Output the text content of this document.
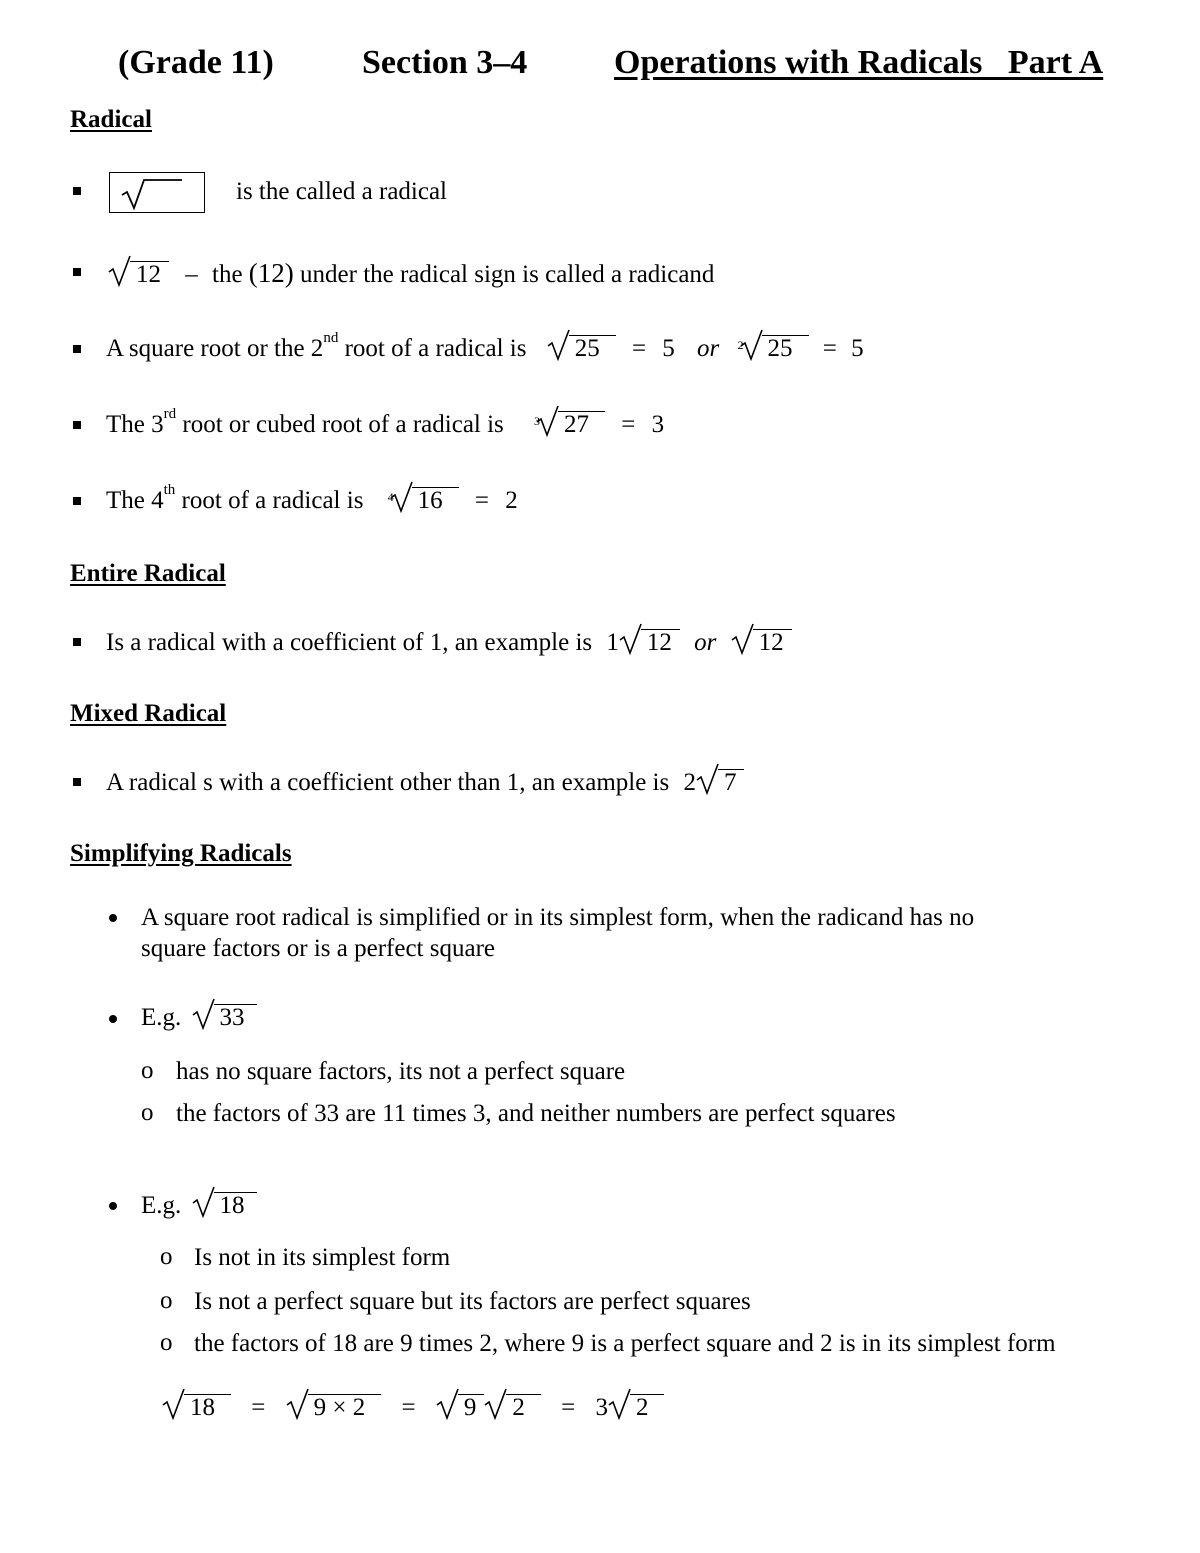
(Grade 11)	Section 3–4	Operations with Radicals   Part A
Radical
is the called a radical
12 – the (12) under the radical sign is called a radicand
A square root or the 2nd root of a radical is 25 = 5 or 2 25 = 5
The 3rd root or cubed root of a radical is	3 27 = 3
The 4th root of a radical is 4 16 = 2
Entire Radical
Is a radical with a coefficient of 1, an example is 1 12 or 12
Mixed Radical
A radical s with a coefficient other than 1, an example is 2 7
Simplifying Radicals
A square root radical is simplified or in its simplest form, when the radicand has no
square factors or is a perfect square
E.g. 33
o has no square factors, its not a perfect square
o the factors of 33 are 11 times 3, and neither numbers are perfect squares
E.g. 18
o Is not in its simplest form
o Is not a perfect square but its factors are perfect squares
o the factors of 18 are 9 times 2, where 9 is a perfect square and 2 is in its simplest form
18 = 9 × 2 = 9 2 = 3 2
